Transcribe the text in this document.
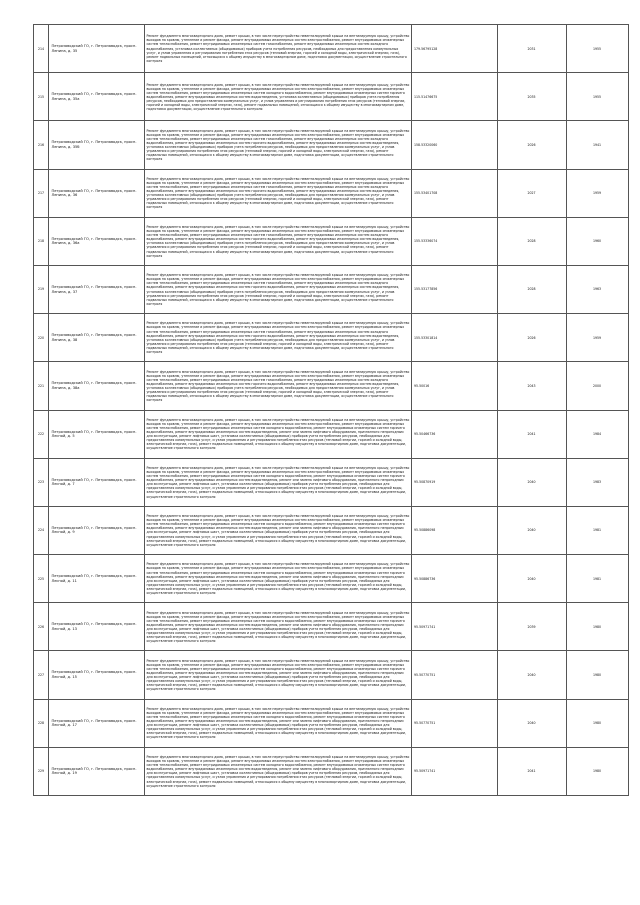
214	Петрозаводский ГО, г. Петрозаводск, просп. Ленина, д. 35	Ремонт фундамента многоквартирного дома, ремонт крыши, в том числе переустройство невентилируемой крыши на вентилируемую крышу, устройство выходов на кровлю, утепление и ремонт фасада, ремонт внутридомовых инженерных систем электроснабжения, ремонт внутридомовых инженерных систем теплоснабжения, ремонт внутридомовых инженерных систем газоснабжения, ремонт внутридомовых инженерных систем холодного водоснабжения, установка коллективных (общедомовых) приборов учета потребления ресурсов, необходимых для предоставления коммунальных услуг, и узлов управления и регулирования потребления этих ресурсов (тепловой энергии, горячей и холодной воды, электрической энергии, газа), ремонт подвальных помещений, относящихся к общему имуществу в многоквартирном доме, подготовка документации, осуществление строительного контроля	179.56795128	2031	1955
215	Петрозаводский ГО, г. Петрозаводск, просп. Ленина, д. 35а	Ремонт фундамента многоквартирного дома, ремонт крыши, в том числе переустройство невентилируемой крыши на вентилируемую крышу, устройство выходов на кровлю, утепление и ремонт фасада, ремонт внутридомовых инженерных систем электроснабжения, ремонт внутридомовых инженерных систем теплоснабжения, ремонт внутридомовых инженерных систем холодного водоснабжения, ремонт внутридомовых инженерных систем горячего водоснабжения, ремонт внутридомовых инженерных систем водоотведения, установка коллективных (общедомовых) приборов учета потребления ресурсов, необходимых для предоставления коммунальных услуг, и узлов управления и регулирования потребления этих ресурсов (тепловой энергии, горячей и холодной воды, электрической энергии, газа), ремонт подвальных помещений, относящихся к общему имуществу в многоквартирном доме, подготовка документации, осуществление строительного контроля	115.51476675	2035	1955
216	Петрозаводский ГО, г. Петрозаводск, просп. Ленина, д. 35б	Ремонт фундамента многоквартирного дома, ремонт крыши, в том числе переустройство невентилируемой крыши на вентилируемую крышу, устройство выходов на кровлю, утепление и ремонт фасада, ремонт внутридомовых инженерных систем электроснабжения, ремонт внутридомовых инженерных систем теплоснабжения, ремонт внутридомовых инженерных систем газоснабжения, ремонт внутридомовых инженерных систем холодного водоснабжения, ремонт внутридомовых инженерных систем горячего водоснабжения, ремонт внутридомовых инженерных систем водоотведения, установка коллективных (общедомовых) приборов учета потребления ресурсов, необходимых для предоставления коммунальных услуг, и узлов управления и регулирования потребления этих ресурсов (тепловой энергии, горячей и холодной воды, электрической энергии, газа), ремонт подвальных помещений, относящихся к общему имуществу в многоквартирном доме, подготовка документации, осуществление строительного контроля	158.53320060	2026	1941
217	Петрозаводский ГО, г. Петрозаводск, просп. Ленина, д. 36	Ремонт фундамента многоквартирного дома, ремонт крыши, в том числе переустройство невентилируемой крыши на вентилируемую крышу, устройство выходов на кровлю, утепление и ремонт фасада, ремонт внутридомовых инженерных систем электроснабжения, ремонт внутридомовых инженерных систем теплоснабжения, ремонт внутридомовых инженерных систем газоснабжения, ремонт внутридомовых инженерных систем холодного водоснабжения, ремонт внутридомовых инженерных систем горячего водоснабжения, ремонт внутридомовых инженерных систем водоотведения, установка коллективных (общедомовых) приборов учета потребления ресурсов, необходимых для предоставления коммунальных услуг, и узлов управления и регулирования потребления этих ресурсов (тепловой энергии, горячей и холодной воды, электрической энергии, газа), ремонт подвальных помещений, относящихся к общему имуществу в многоквартирном доме, подготовка документации, осуществление строительного контроля	155.53401708	2027	1959
218	Петрозаводский ГО, г. Петрозаводск, просп. Ленина, д. 36а	Ремонт фундамента многоквартирного дома, ремонт крыши, в том числе переустройство невентилируемой крыши на вентилируемую крышу, устройство выходов на кровлю, утепление и ремонт фасада, ремонт внутридомовых инженерных систем электроснабжения, ремонт внутридомовых инженерных систем теплоснабжения, ремонт внутридомовых инженерных систем газоснабжения, ремонт внутридомовых инженерных систем холодного водоснабжения, ремонт внутридомовых инженерных систем горячего водоснабжения, ремонт внутридомовых инженерных систем водоотведения, установка коллективных (общедомовых) приборов учета потребления ресурсов, необходимых для предоставления коммунальных услуг, и узлов управления и регулирования потребления этих ресурсов (тепловой энергии, горячей и холодной воды, электрической энергии, газа), ремонт подвальных помещений, относящихся к общему имуществу в многоквартирном доме, подготовка документации, осуществление строительного контроля	155.53336074	2028	1960
219	Петрозаводский ГО, г. Петрозаводск, просп. Ленина, д. 37	Ремонт фундамента многоквартирного дома, ремонт крыши, в том числе переустройство невентилируемой крыши на вентилируемую крышу, устройство выходов на кровлю, утепление и ремонт фасада, ремонт внутридомовых инженерных систем электроснабжения, ремонт внутридомовых инженерных систем теплоснабжения, ремонт внутридомовых инженерных систем газоснабжения, ремонт внутридомовых инженерных систем холодного водоснабжения, ремонт внутридомовых инженерных систем горячего водоснабжения, ремонт внутридомовых инженерных систем водоотведения, установка коллективных (общедомовых) приборов учета потребления ресурсов, необходимых для предоставления коммунальных услуг, и узлов управления и регулирования потребления этих ресурсов (тепловой энергии, горячей и холодной воды, электрической энергии, газа), ремонт подвальных помещений, относящихся к общему имуществу в многоквартирном доме, подготовка документации, осуществление строительного контроля	155.53177856	2028	1963
220	Петрозаводский ГО, г. Петрозаводск, просп. Ленина, д. 38	Ремонт фундамента многоквартирного дома, ремонт крыши, в том числе переустройство невентилируемой крыши на вентилируемую крышу, устройство выходов на кровлю, утепление и ремонт фасада, ремонт внутридомовых инженерных систем электроснабжения, ремонт внутридомовых инженерных систем теплоснабжения, ремонт внутридомовых инженерных систем газоснабжения, ремонт внутридомовых инженерных систем холодного водоснабжения, ремонт внутридомовых инженерных систем горячего водоснабжения, ремонт внутридомовых инженерных систем водоотведения, установка коллективных (общедомовых) приборов учета потребления ресурсов, необходимых для предоставления коммунальных услуг, и узлов управления и регулирования потребления этих ресурсов (тепловой энергии, горячей и холодной воды, электрической энергии, газа), ремонт подвальных помещений, относящихся к общему имуществу в многоквартирном доме, подготовка документации, осуществление строительного контроля	155.53301814	2026	1959
221	Петрозаводский ГО, г. Петрозаводск, просп. Ленина, д. 38а	Ремонт фундамента многоквартирного дома, ремонт крыши, в том числе переустройство невентилируемой крыши на вентилируемую крышу, устройство выходов на кровлю, утепление и ремонт фасада, ремонт внутридомовых инженерных систем электроснабжения, ремонт внутридомовых инженерных систем теплоснабжения, ремонт внутридомовых инженерных систем газоснабжения, ремонт внутридомовых инженерных систем холодного водоснабжения, ремонт внутридомовых инженерных систем горячего водоснабжения, ремонт внутридомовых инженерных систем водоотведения, установка коллективных (общедомовых) приборов учета потребления ресурсов, необходимых для предоставления коммунальных услуг, и узлов управления и регулирования потребления этих ресурсов (тепловой энергии, горячей и холодной воды, электрической энергии, газа), ремонт подвальных помещений, относящихся к общему имуществу в многоквартирном доме, подготовка документации, осуществление строительного контроля	95.50016	2043	2000
222	Петрозаводский ГО, г. Петрозаводск, просп. Лесной, д. 5	Ремонт фундамента многоквартирного дома, ремонт крыши, в том числе переустройство невентилируемой крыши на вентилируемую крышу, устройство выходов на кровлю, утепление и ремонт фасада, ремонт внутридомовых инженерных систем электроснабжения, ремонт внутридомовых инженерных систем теплоснабжения, ремонт внутридомовых инженерных систем холодного водоснабжения, ремонт внутридомовых инженерных систем горячего водоснабжения, ремонт внутридомовых инженерных систем водоотведения, ремонт или замена лифтового оборудования, признанного непригодным для эксплуатации, ремонт лифтовых шахт, установка коллективных (общедомовых) приборов учета потребления ресурсов, необходимых для предоставления коммунальных услуг, и узлов управления и регулирования потребления этих ресурсов (тепловой энергии, горячей и холодной воды, электрической энергии, газа), ремонт подвальных помещений, относящихся к общему имуществу в многоквартирном доме, подготовка документации, осуществление строительного контроля	95.50466736	2041	1984
223	Петрозаводский ГО, г. Петрозаводск, просп. Лесной, д. 7	Ремонт фундамента многоквартирного дома, ремонт крыши, в том числе переустройство невентилируемой крыши на вентилируемую крышу, устройство выходов на кровлю, утепление и ремонт фасада, ремонт внутридомовых инженерных систем электроснабжения, ремонт внутридомовых инженерных систем теплоснабжения, ремонт внутридомовых инженерных систем холодного водоснабжения, ремонт внутридомовых инженерных систем горячего водоснабжения, ремонт внутридомовых инженерных систем водоотведения, ремонт или замена лифтового оборудования, признанного непригодным для эксплуатации, ремонт лифтовых шахт, установка коллективных (общедомовых) приборов учета потребления ресурсов, необходимых для предоставления коммунальных услуг, и узлов управления и регулирования потребления этих ресурсов (тепловой энергии, горячей и холодной воды, электрической энергии, газа), ремонт подвальных помещений, относящихся к общему имуществу в многоквартирном доме, подготовка документации, осуществление строительного контроля	95.50870919	2040	1983
224	Петрозаводский ГО, г. Петрозаводск, просп. Лесной, д. 9	Ремонт фундамента многоквартирного дома, ремонт крыши, в том числе переустройство невентилируемой крыши на вентилируемую крышу, устройство выходов на кровлю, утепление и ремонт фасада, ремонт внутридомовых инженерных систем электроснабжения, ремонт внутридомовых инженерных систем теплоснабжения, ремонт внутридомовых инженерных систем холодного водоснабжения, ремонт внутридомовых инженерных систем горячего водоснабжения, ремонт внутридомовых инженерных систем водоотведения, ремонт или замена лифтового оборудования, признанного непригодным для эксплуатации, ремонт лифтовых шахт, установка коллективных (общедомовых) приборов учета потребления ресурсов, необходимых для предоставления коммунальных услуг, и узлов управления и регулирования потребления этих ресурсов (тепловой энергии, горячей и холодной воды, электрической энергии, газа), ремонт подвальных помещений, относящихся к общему имуществу в многоквартирном доме, подготовка документации, осуществление строительного контроля	95.50886098	2040	1981
225	Петрозаводский ГО, г. Петрозаводск, просп. Лесной, д. 11	Ремонт фундамента многоквартирного дома, ремонт крыши, в том числе переустройство невентилируемой крыши на вентилируемую крышу, устройство выходов на кровлю, утепление и ремонт фасада, ремонт внутридомовых инженерных систем электроснабжения, ремонт внутридомовых инженерных систем теплоснабжения, ремонт внутридомовых инженерных систем холодного водоснабжения, ремонт внутридомовых инженерных систем горячего водоснабжения, ремонт внутридомовых инженерных систем водоотведения, ремонт или замена лифтового оборудования, признанного непригодным для эксплуатации, ремонт лифтовых шахт, установка коллективных (общедомовых) приборов учета потребления ресурсов, необходимых для предоставления коммунальных услуг, и узлов управления и регулирования потребления этих ресурсов (тепловой энергии, горячей и холодной воды, электрической энергии, газа), ремонт подвальных помещений, относящихся к общему имуществу в многоквартирном доме, подготовка документации, осуществление строительного контроля	95.50886736	2040	1981
226	Петрозаводский ГО, г. Петрозаводск, просп. Лесной, д. 13	Ремонт фундамента многоквартирного дома, ремонт крыши, в том числе переустройство невентилируемой крыши на вентилируемую крышу, устройство выходов на кровлю, утепление и ремонт фасада, ремонт внутридомовых инженерных систем электроснабжения, ремонт внутридомовых инженерных систем теплоснабжения, ремонт внутридомовых инженерных систем холодного водоснабжения, ремонт внутридомовых инженерных систем горячего водоснабжения, ремонт внутридомовых инженерных систем водоотведения, ремонт или замена лифтового оборудования, признанного непригодным для эксплуатации, ремонт лифтовых шахт, установка коллективных (общедомовых) приборов учета потребления ресурсов, необходимых для предоставления коммунальных услуг, и узлов управления и регулирования потребления этих ресурсов (тепловой энергии, горячей и холодной воды, электрической энергии, газа), ремонт подвальных помещений, относящихся к общему имуществу в многоквартирном доме, подготовка документации, осуществление строительного контроля	95.50971741	2039	1980
227	Петрозаводский ГО, г. Петрозаводск, просп. Лесной, д. 15	Ремонт фундамента многоквартирного дома, ремонт крыши, в том числе переустройство невентилируемой крыши на вентилируемую крышу, устройство выходов на кровлю, утепление и ремонт фасада, ремонт внутридомовых инженерных систем электроснабжения, ремонт внутридомовых инженерных систем теплоснабжения, ремонт внутридомовых инженерных систем холодного водоснабжения, ремонт внутридомовых инженерных систем горячего водоснабжения, ремонт внутридомовых инженерных систем водоотведения, ремонт или замена лифтового оборудования, признанного непригодным для эксплуатации, ремонт лифтовых шахт, установка коллективных (общедомовых) приборов учета потребления ресурсов, необходимых для предоставления коммунальных услуг, и узлов управления и регулирования потребления этих ресурсов (тепловой энергии, горячей и холодной воды, электрической энергии, газа), ремонт подвальных помещений, относящихся к общему имуществу в многоквартирном доме, подготовка документации, осуществление строительного контроля	95.50770751	2040	1980
228	Петрозаводский ГО, г. Петрозаводск, просп. Лесной, д. 17	Ремонт фундамента многоквартирного дома, ремонт крыши, в том числе переустройство невентилируемой крыши на вентилируемую крышу, устройство выходов на кровлю, утепление и ремонт фасада, ремонт внутридомовых инженерных систем электроснабжения, ремонт внутридомовых инженерных систем теплоснабжения, ремонт внутридомовых инженерных систем холодного водоснабжения, ремонт внутридомовых инженерных систем горячего водоснабжения, ремонт внутридомовых инженерных систем водоотведения, ремонт или замена лифтового оборудования, признанного непригодным для эксплуатации, ремонт лифтовых шахт, установка коллективных (общедомовых) приборов учета потребления ресурсов, необходимых для предоставления коммунальных услуг, и узлов управления и регулирования потребления этих ресурсов (тепловой энергии, горячей и холодной воды, электрической энергии, газа), ремонт подвальных помещений, относящихся к общему имуществу в многоквартирном доме, подготовка документации, осуществление строительного контроля	95.50770751	2040	1980
229	Петрозаводский ГО, г. Петрозаводск, просп. Лесной, д. 19	Ремонт фундамента многоквартирного дома, ремонт крыши, в том числе переустройство невентилируемой крыши на вентилируемую крышу, устройство выходов на кровлю, утепление и ремонт фасада, ремонт внутридомовых инженерных систем электроснабжения, ремонт внутридомовых инженерных систем теплоснабжения, ремонт внутридомовых инженерных систем холодного водоснабжения, ремонт внутридомовых инженерных систем горячего водоснабжения, ремонт внутридомовых инженерных систем водоотведения, ремонт или замена лифтового оборудования, признанного непригодным для эксплуатации, ремонт лифтовых шахт, установка коллективных (общедомовых) приборов учета потребления ресурсов, необходимых для предоставления коммунальных услуг, и узлов управления и регулирования потребления этих ресурсов (тепловой энергии, горячей и холодной воды, электрической энергии, газа), ремонт подвальных помещений, относящихся к общему имуществу в многоквартирном доме, подготовка документации, осуществление строительного контроля	95.50971741	2041	1980
